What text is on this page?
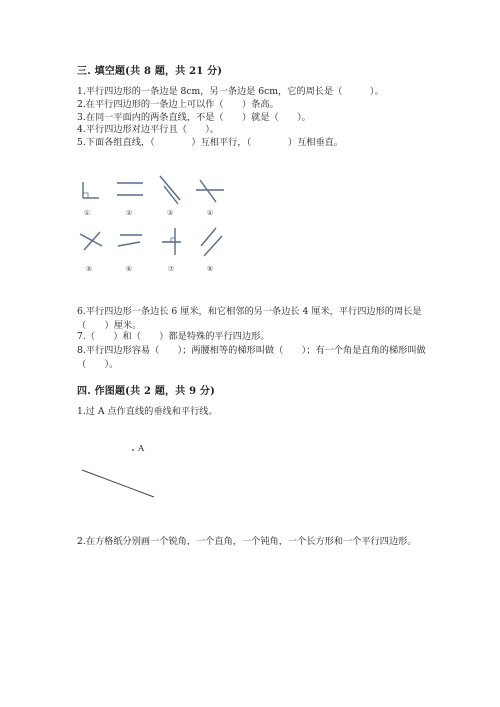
三. 填空题(共 8 题，共 21 分)
1.平行四边形的一条边是 8cm，另一条边是 6cm，它的周长是（　　　）。
2.在平行四边形的一条边上可以作（　　）条高。
3.在同一平面内的两条直线，不是（　　）就是（　　）。
4.平行四边形对边平行且（　　）。
5.下面各组直线，（　　　　）互相平行，（　　　　）互相垂直。
①	②	③	④
⑤	⑥	⑦	⑧
6.平行四边形一条边长 6 厘米，和它相邻的另一条边长 4 厘米，平行四边形的周长是（　　）厘米。
7.（　　）和（　　）都是特殊的平行四边形。
8.平行四边形容易（　　）；两腰相等的梯形叫做（　　）；有一个角是直角的梯形叫做（　　）。
四. 作图题(共 2 题，共 9 分)
1.过 A 点作直线的垂线和平行线。
A
2.在方格纸分别画一个锐角，一个直角，一个钝角，一个长方形和一个平行四边形。
